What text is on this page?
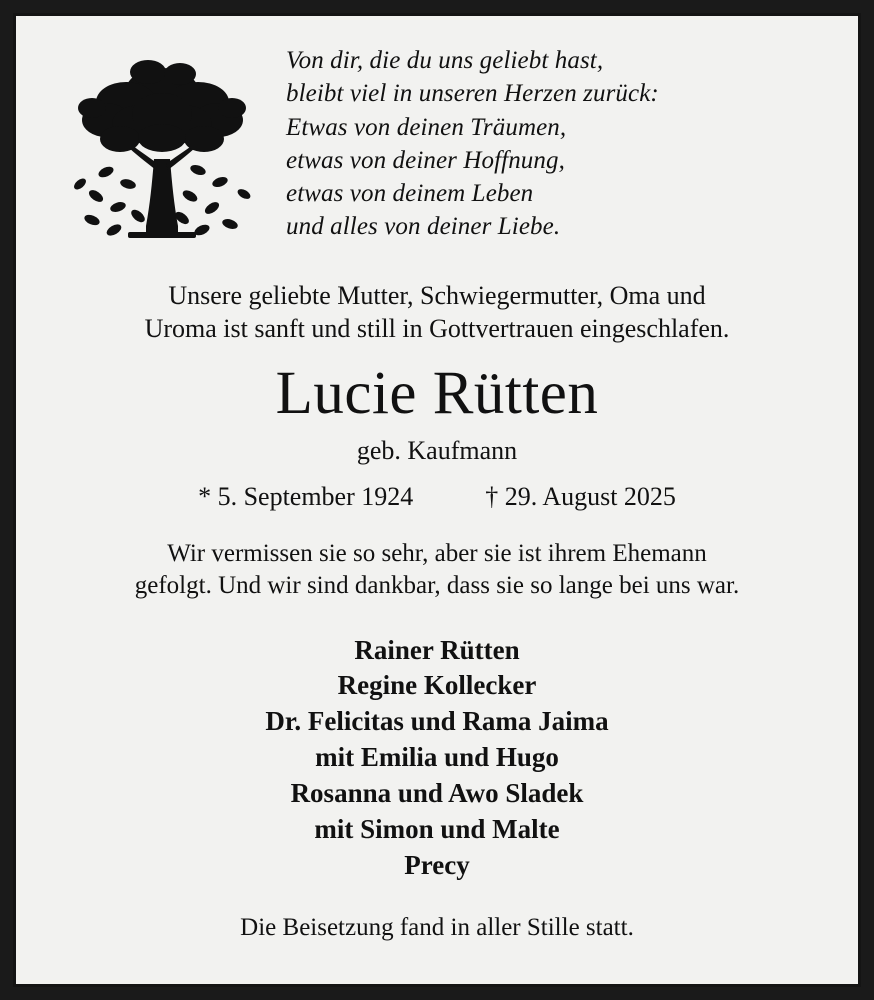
Von dir, die du uns geliebt hast,
bleibt viel in unseren Herzen zurück:
Etwas von deinen Träumen,
etwas von deiner Hoffnung,
etwas von deinem Leben
und alles von deiner Liebe.
Unsere geliebte Mutter, Schwiegermutter, Oma und
Uroma ist sanft und still in Gottvertrauen eingeschlafen.
Lucie Rütten
geb. Kaufmann
* 5. September 1924	† 29. August 2025
Wir vermissen sie so sehr, aber sie ist ihrem Ehemann
gefolgt. Und wir sind dankbar, dass sie so lange bei uns war.
Rainer Rütten
Regine Kollecker
Dr. Felicitas und Rama Jaima
mit Emilia und Hugo
Rosanna und Awo Sladek
mit Simon und Malte
Precy
Die Beisetzung fand in aller Stille statt.
